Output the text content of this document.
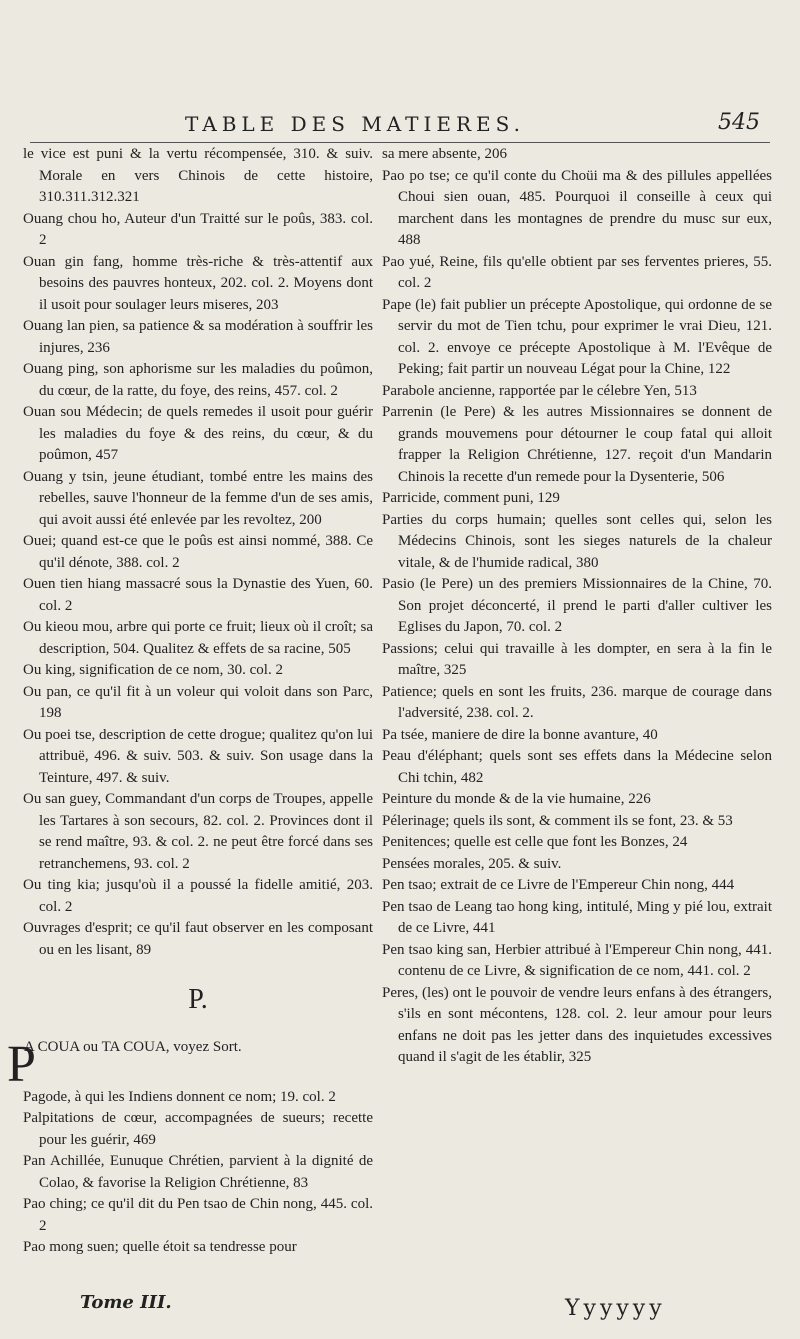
TABLE DES MATIERES.	545

le vice est puni & la vertu récompensée, 310. & suiv. Morale en vers Chinois de cette histoire, 310.311.312.321

Ouang chou ho, Auteur d'un Traitté sur le poûs, 383. col. 2

Ouan gin fang, homme très-riche & très-attentif aux besoins des pauvres honteux, 202. col. 2. Moyens dont il usoit pour soulager leurs miseres, 203

Ouang lan pien, sa patience & sa modération à souffrir les injures, 236

Ouang ping, son aphorisme sur les maladies du poûmon, du cœur, de la ratte, du foye, des reins, 457. col. 2

Ouan sou Médecin; de quels remedes il usoit pour guérir les maladies du foye & des reins, du cœur, & du poûmon, 457

Ouang y tsin, jeune étudiant, tombé entre les mains des rebelles, sauve l'honneur de la femme d'un de ses amis, qui avoit aussi été enlevée par les revoltez, 200

Ouei; quand est-ce que le poûs est ainsi nommé, 388. Ce qu'il dénote, 388. col. 2

Ouen tien hiang massacré sous la Dynastie des Yuen, 60. col. 2

Ou kieou mou, arbre qui porte ce fruit; lieux où il croît; sa description, 504. Qualitez & effets de sa racine, 505

Ou king, signification de ce nom, 30. col. 2

Ou pan, ce qu'il fit à un voleur qui voloit dans son Parc, 198

Ou poei tse, description de cette drogue; qualitez qu'on lui attribuë, 496. & suiv. 503. & suiv. Son usage dans la Teinture, 497. & suiv.

Ou san guey, Commandant d'un corps de Troupes, appelle les Tartares à son secours, 82. col. 2. Provinces dont il se rend maître, 93. & col. 2. ne peut être forcé dans ses retranchemens, 93. col. 2

Ou ting kia; jusqu'où il a poussé la fidelle amitié, 203. col. 2

Ouvrages d'esprit; ce qu'il faut observer en les composant ou en les lisant, 89

P.

P
A COUA ou TA COUA, voyez Sort.

Pagode, à qui les Indiens donnent ce nom; 19. col. 2

Palpitations de cœur, accompagnées de sueurs; recette pour les guérir, 469

Pan Achillée, Eunuque Chrétien, parvient à la dignité de Colao, & favorise la Religion Chrétienne, 83

Pao ching; ce qu'il dit du Pen tsao de Chin nong, 445. col. 2

Pao mong suen; quelle étoit sa tendresse pour

sa mere absente, 206

Pao po tse; ce qu'il conte du Choüi ma & des pillules appellées Choui sien ouan, 485. Pourquoi il conseille à ceux qui marchent dans les montagnes de prendre du musc sur eux, 488

Pao yué, Reine, fils qu'elle obtient par ses ferventes prieres, 55. col. 2

Pape (le) fait publier un précepte Apostolique, qui ordonne de se servir du mot de Tien tchu, pour exprimer le vrai Dieu, 121. col. 2. envoye ce précepte Apostolique à M. l'Evêque de Peking; fait partir un nouveau Légat pour la Chine, 122

Parabole ancienne, rapportée par le célebre Yen, 513

Parrenin (le Pere) & les autres Missionnaires se donnent de grands mouvemens pour détourner le coup fatal qui alloit frapper la Religion Chrétienne, 127. reçoit d'un Mandarin Chinois la recette d'un remede pour la Dysenterie, 506

Parricide, comment puni, 129

Parties du corps humain; quelles sont celles qui, selon les Médecins Chinois, sont les sieges naturels de la chaleur vitale, & de l'humide radical, 380

Pasio (le Pere) un des premiers Missionnaires de la Chine, 70. Son projet déconcerté, il prend le parti d'aller cultiver les Eglises du Japon, 70. col. 2

Passions; celui qui travaille à les dompter, en sera à la fin le maître, 325

Patience; quels en sont les fruits, 236. marque de courage dans l'adversité, 238. col. 2.

Pa tsée, maniere de dire la bonne avanture, 40

Peau d'éléphant; quels sont ses effets dans la Médecine selon Chi tchin, 482

Peinture du monde & de la vie humaine, 226

Pélerinage; quels ils sont, & comment ils se font, 23. & 53

Penitences; quelle est celle que font les Bonzes, 24

Pensées morales, 205. & suiv.

Pen tsao; extrait de ce Livre de l'Empereur Chin nong, 444

Pen tsao de Leang tao hong king, intitulé, Ming y pié lou, extrait de ce Livre, 441

Pen tsao king san, Herbier attribué à l'Empereur Chin nong, 441. contenu de ce Livre, & signification de ce nom, 441. col. 2

Peres, (les) ont le pouvoir de vendre leurs enfans à des étrangers, s'ils en sont mécontens, 128. col. 2. leur amour pour leurs enfans ne doit pas les jetter dans des inquietudes excessives quand il s'agit de les établir, 325

Tome III.	Yyyyyy
